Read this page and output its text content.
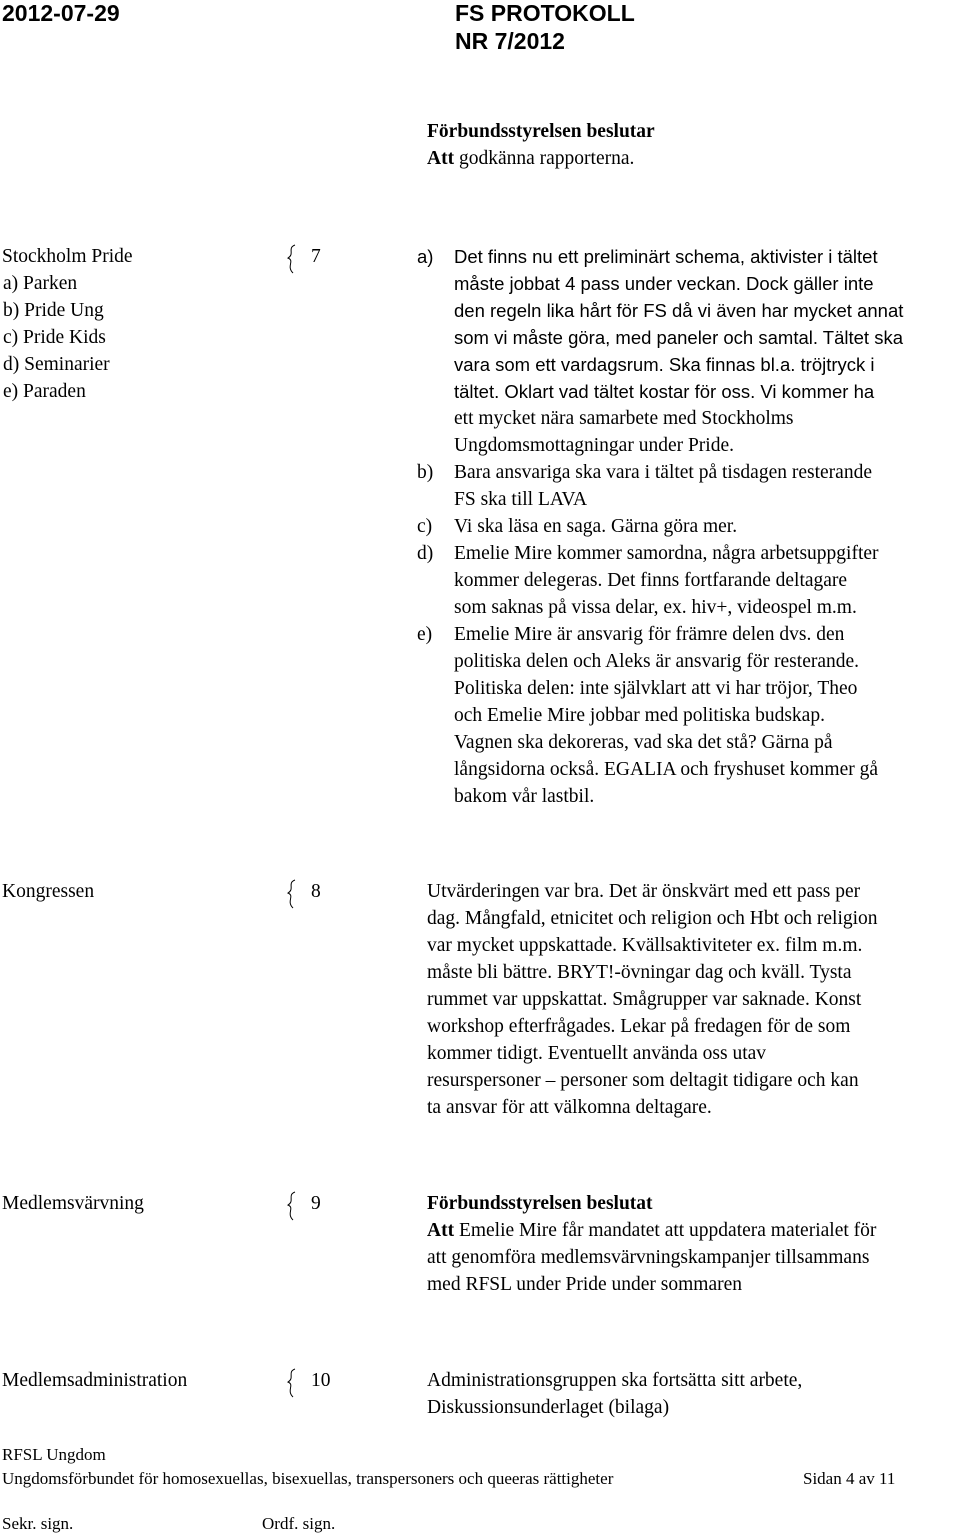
2012-07-29	FS PROTOKOLL
NR 7/2012
Förbundsstyrelsen beslutar
Att godkänna rapporterna.
Stockholm Pride
a) Parken
b) Pride Ung
c) Pride Kids
d) Seminarier
e) Paraden
7	a) Det finns nu ett preliminärt schema, aktivister i tältet
måste jobbat 4 pass under veckan. Dock gäller inte
den regeln lika hårt för FS då vi även har mycket annat
som vi måste göra, med paneler och samtal. Tältet ska
vara som ett vardagsrum. Ska finnas bl.a. tröjtryck i
tältet. Oklart vad tältet kostar för oss. Vi kommer ha
ett mycket nära samarbete med Stockholms
Ungdomsmottagningar under Pride.
b) Bara ansvariga ska vara i tältet på tisdagen resterande
FS ska till LAVA
c) Vi ska läsa en saga. Gärna göra mer.
d) Emelie Mire kommer samordna, några arbetsuppgifter
kommer delegeras. Det finns fortfarande deltagare
som saknas på vissa delar, ex. hiv+, videospel m.m.
e) Emelie Mire är ansvarig för främre delen dvs. den
politiska delen och Aleks är ansvarig för resterande.
Politiska delen: inte självklart att vi har tröjor, Theo
och Emelie Mire jobbar med politiska budskap.
Vagnen ska dekoreras, vad ska det stå? Gärna på
långsidorna också. EGALIA och fryshuset kommer gå
bakom vår lastbil.
Kongressen	8	Utvärderingen var bra. Det är önskvärt med ett pass per
dag. Mångfald, etnicitet och religion och Hbt och religion
var mycket uppskattade. Kvällsaktiviteter ex. film m.m.
måste bli bättre. BRYT!-övningar dag och kväll. Tysta
rummet var uppskattat. Smågrupper var saknade. Konst
workshop efterfrågades. Lekar på fredagen för de som
kommer tidigt. Eventuellt använda oss utav
resurspersoner – personer som deltagit tidigare och kan
ta ansvar för att välkomna deltagare.
Medlemsvärvning	9	Förbundsstyrelsen beslutat
Att Emelie Mire får mandatet att uppdatera materialet för
att genomföra medlemsvärvningskampanjer tillsammans
med RFSL under Pride under sommaren
Medlemsadministration	10	Administrationsgruppen ska fortsätta sitt arbete,
Diskussionsunderlaget (bilaga)
RFSL Ungdom
Ungdomsförbundet för homosexuellas, bisexuellas, transpersoners och queeras rättigheter	Sidan 4 av 11
Sekr. sign.	Ordf. sign.
